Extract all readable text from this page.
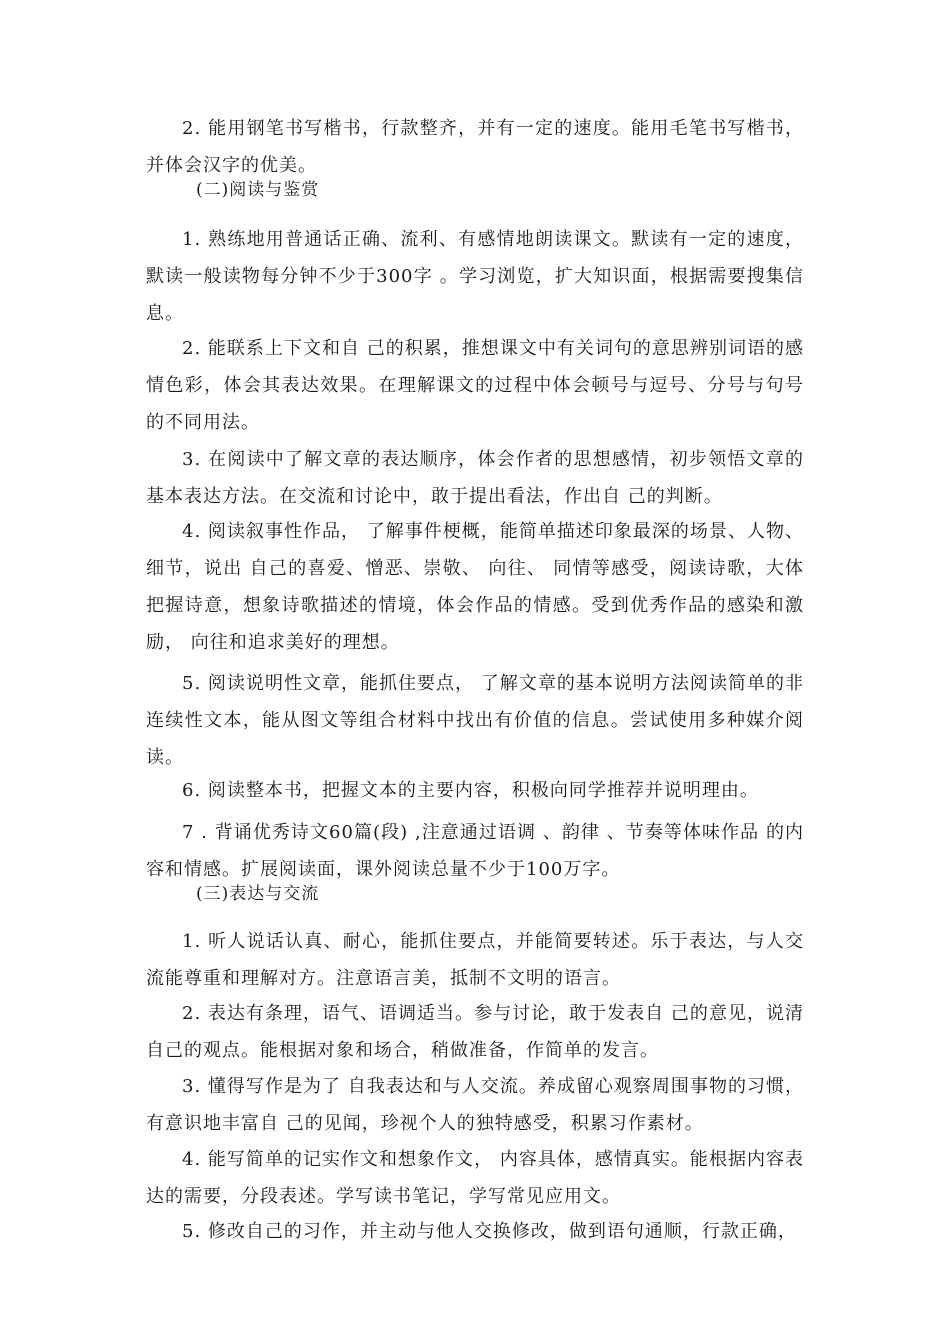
2. 能用钢笔书写楷书，行款整齐，并有一定的速度。能用毛笔书写楷书，并体会汉字的优美。

(二)阅读与鉴赏

1. 熟练地用普通话正确、流利、有感情地朗读课文。默读有一定的速度，默读一般读物每分钟不少于300字 。学习浏览，扩大知识面，根据需要搜集信息。

2. 能联系上下文和自 己的积累，推想课文中有关词句的意思辨别词语的感情色彩，体会其表达效果。在理解课文的过程中体会顿号与逗号、分号与句号的不同用法。

3. 在阅读中了解文章的表达顺序，体会作者的思想感情，初步领悟文章的基本表达方法。在交流和讨论中，敢于提出看法，作出自 己的判断。

4. 阅读叙事性作品， 了解事件梗概，能简单描述印象最深的场景、人物、细节，说出 自己的喜爱、憎恶、崇敬、 向往、 同情等感受，阅读诗歌，大体把握诗意，想象诗歌描述的情境，体会作品的情感。受到优秀作品的感染和激励， 向往和追求美好的理想。

5. 阅读说明性文章，能抓住要点， 了解文章的基本说明方法阅读简单的非连续性文本，能从图文等组合材料中找出有价值的信息。尝试使用多种媒介阅读。

6. 阅读整本书，把握文本的主要内容，积极向同学推荐并说明理由。

7 . 背诵优秀诗文60篇(段) ,注意通过语调 、韵律 、节奏等体味作品 的内容和情感。扩展阅读面，课外阅读总量不少于100万字。

(三)表达与交流

1. 听人说话认真、耐心，能抓住要点，并能简要转述。乐于表达，与人交流能尊重和理解对方。注意语言美，抵制不文明的语言。

2. 表达有条理，语气、语调适当。参与讨论，敢于发表自 己的意见，说清自己的观点。能根据对象和场合，稍做准备，作简单的发言。

3. 懂得写作是为了 自我表达和与人交流。养成留心观察周围事物的习惯，有意识地丰富自 己的见闻，珍视个人的独特感受，积累习作素材。

4. 能写简单的记实作文和想象作文， 内容具体，感情真实。能根据内容表达的需要，分段表述。学写读书笔记，学写常见应用文。

5. 修改自己的习作，并主动与他人交换修改，做到语句通顺，行款正确，
